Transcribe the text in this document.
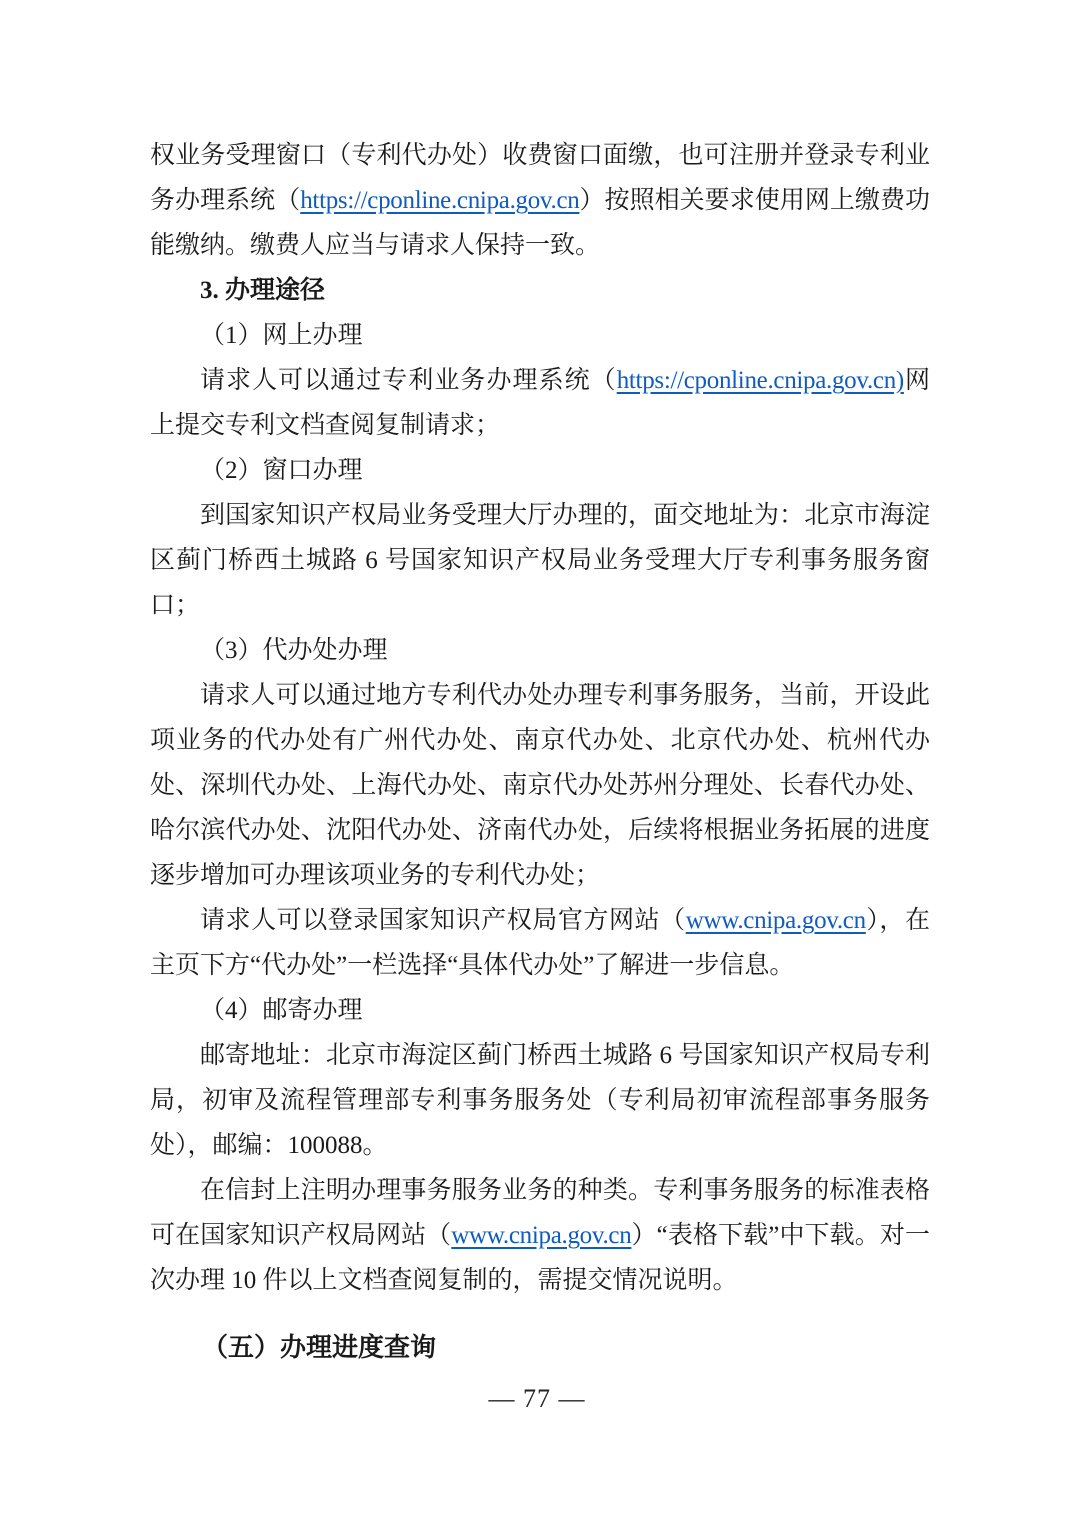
权业务受理窗口（专利代办处）收费窗口面缴，也可注册并登录专利业务办理系统（https://cponline.cnipa.gov.cn）按照相关要求使用网上缴费功能缴纳。缴费人应当与请求人保持一致。

3. 办理途径

（1）网上办理

请求人可以通过专利业务办理系统（https://cponline.cnipa.gov.cn)网上提交专利文档查阅复制请求；

（2）窗口办理

到国家知识产权局业务受理大厅办理的，面交地址为：北京市海淀区蓟门桥西土城路 6 号国家知识产权局业务受理大厅专利事务服务窗口；

（3）代办处办理

请求人可以通过地方专利代办处办理专利事务服务，当前，开设此项业务的代办处有广州代办处、南京代办处、北京代办处、杭州代办处、深圳代办处、上海代办处、南京代办处苏州分理处、长春代办处、哈尔滨代办处、沈阳代办处、济南代办处，后续将根据业务拓展的进度逐步增加可办理该项业务的专利代办处；

请求人可以登录国家知识产权局官方网站（www.cnipa.gov.cn），在主页下方“代办处”一栏选择“具体代办处”了解进一步信息。

（4）邮寄办理

邮寄地址：北京市海淀区蓟门桥西土城路 6 号国家知识产权局专利局，初审及流程管理部专利事务服务处（专利局初审流程部事务服务处），邮编：100088。

在信封上注明办理事务服务业务的种类。专利事务服务的标准表格可在国家知识产权局网站（www.cnipa.gov.cn）“表格下载”中下载。对一次办理 10 件以上文档查阅复制的，需提交情况说明。

（五）办理进度查询

— 77 —
